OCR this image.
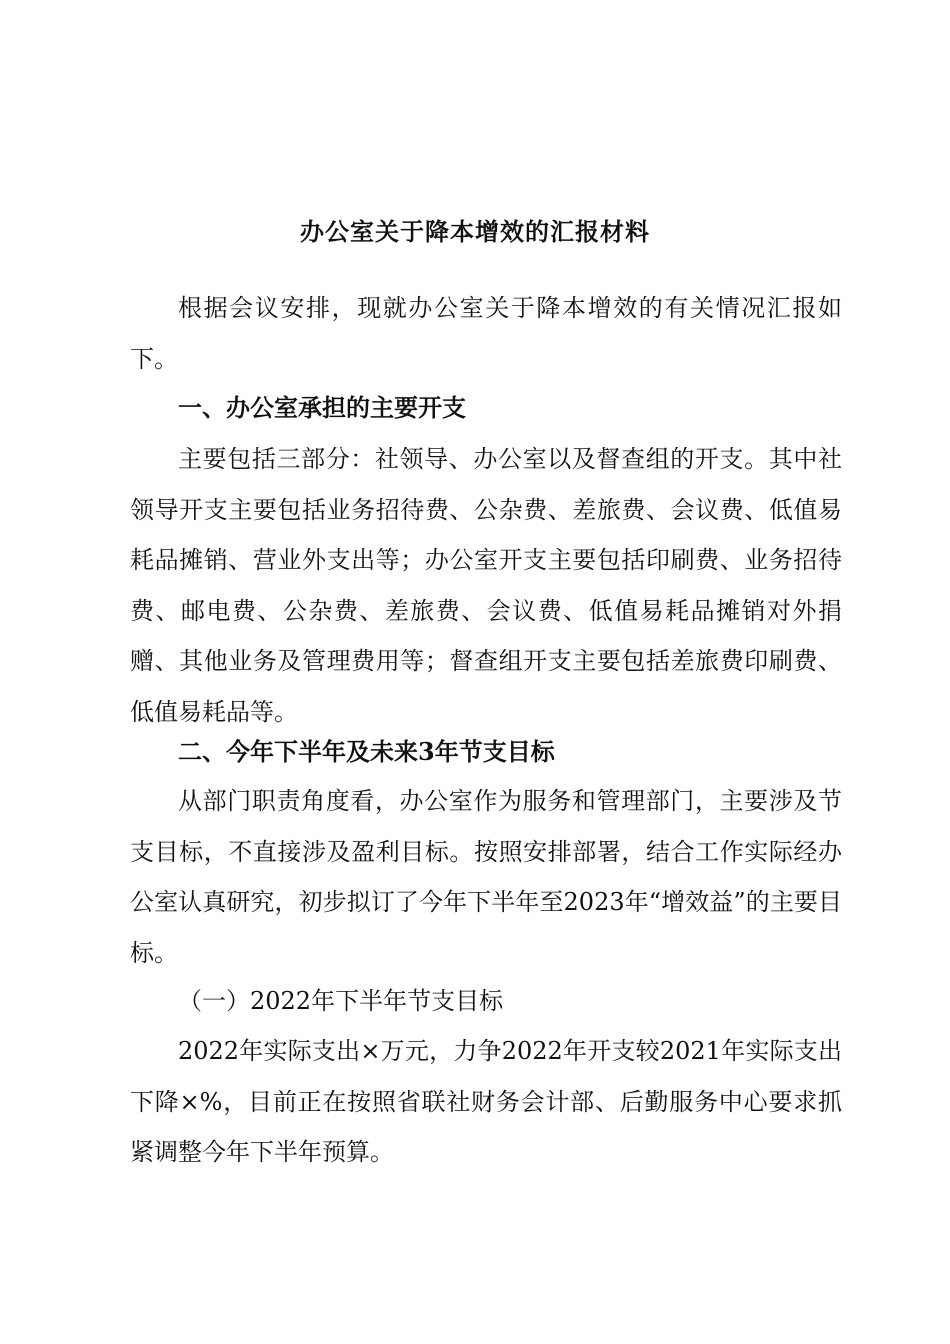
办公室关于降本增效的汇报材料

根据会议安排，现就办公室关于降本增效的有关情况汇报如下。

一、办公室承担的主要开支

主要包括三部分：社领导、办公室以及督查组的开支。其中社领导开支主要包括业务招待费、公杂费、差旅费、会议费、低值易耗品摊销、营业外支出等；办公室开支主要包括印刷费、业务招待费、邮电费、公杂费、差旅费、会议费、低值易耗品摊销对外捐赠、其他业务及管理费用等；督查组开支主要包括差旅费印刷费、低值易耗品等。

二、今年下半年及未来3年节支目标

从部门职责角度看，办公室作为服务和管理部门，主要涉及节支目标，不直接涉及盈利目标。按照安排部署，结合工作实际经办公室认真研究，初步拟订了今年下半年至2023年“增效益”的主要目标。

（一）2022年下半年节支目标

2022年实际支出×万元，力争2022年开支较2021年实际支出下降×%，目前正在按照省联社财务会计部、后勤服务中心要求抓紧调整今年下半年预算。
